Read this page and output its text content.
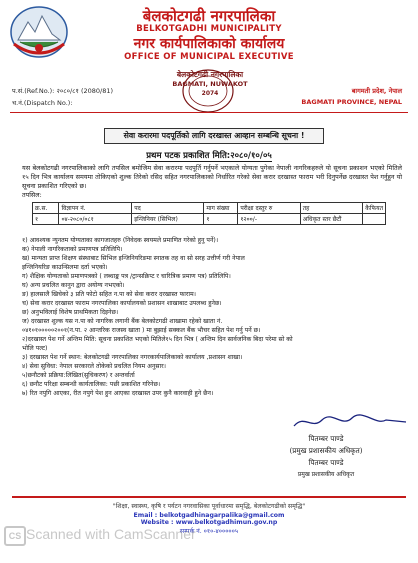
बेलकोटगढी नगरपालिका
BELKOTGADHI MUNICIPALITY
नगर कार्यपालिकाको कार्यालय
OFFICE OF MUNICIPAL EXECUTIVE
बेलकोटगढी नगरपालिका
BAGMATI, NUWAKOT
2074
प.सं.(Ref.No.): २०८०/८१ (2080/81)
च.नं.(Dispatch No.):
बागमती प्रदेश, नेपाल
BAGMATI PROVINCE, NEPAL
सेवा करारमा पदपूर्तिको लागि दरखास्त आव्हान सम्बन्धि सूचना !
प्रथम पटक प्रकाशित मिति:२०८०/१०/०५
यस बेलकोटगढी नगरपालिकाको लागि तपसिल बमोजिम सेवा करारमा पदपूर्ति गर्नुपर्ने भएकाले योग्यता पुगेका नेपाली नागरिकहरुले यो सूचना प्रकाशन भएको मितिले १५ दिन भित्र कार्यालय समयमा तोकिएको शुल्क तिरेको रसिद सहित नगरपालिकाको निर्धारित गरेको सेवा करार दरखास्त फाराम भरी दिनुपर्नेछ दरखास्त पेश गर्नुहुन यो सूचना प्रकाशित गरिएको छ।
तपसिल:
क्र.स.	विज्ञापन नं.	पद	माग संख्या	परीक्षा दस्तुर रु	तह	कैफियत
१	०४-२०८०/०८१	इन्जिनियर (सिभिल)	१	१२००/-	अधिकृत स्तर छैटौं	
१) आवश्यक न्युनतम योग्यताका कागजातहरु (निवेदक स्वयमले प्रमाणित गरेको हुनु पर्ने)।
क) नेपाली नागरिकताको प्रमाणपत्र प्रतिलिपि।
ख) मान्यता प्राप्त शिक्षण संस्थाबाट सिभिल इन्जिनियरिङमा स्नातक तह वा सो सरह उत्तीर्ण गरी नेपाल
इन्जिनियरिङ काउन्सिलमा दर्ता भएको।
ग) शैक्षिक योग्यताको प्रमाणपत्रको ( लब्धाङ्क पत्र /ट्रान्सक्रिप्ट र चारित्रिक प्रमाण पत्र) प्रतिलिपि।
घ) अन्य प्रचलित कानुन द्वारा अयोग्य नभएको।
ङ) हालसालै खिचेको ३ प्रति फोटो सहित न.पा को सेवा करार दरखास्त फाराम।
च) सेवा करार दरखास्त फाराम नगरपालिका कार्यालयको प्रशासन शाखाबाट उपलब्ध हुनेछ।
छ) अनुभविलाई विशेष प्राथमिकता दिइनेछ।
ज) दरखास्त शुल्क यस न.पा को नागरिक लगानी बैंक बेलकोटगढी शाखामा रहेको खाता नं.
०४१०१०००००२००१(न.पा. २ आन्तरिक राजस्व खाता ) मा बुझाई सक्कल बैंक भौचर सहित पेश गर्नु पर्ने छ।
२)दरखास्त पेश गर्ने अन्तिम मिति: सूचना प्रकाशित भएको मितिले१५ दिन भित्र ( अन्तिम दिन सार्वजनिक बिदा परेमा सो को
भोलि पल्ट)
३) दरखास्त पेश गर्ने स्थान: बेलकोटगढी नगरपालिका नगरकार्यपालिकाको कार्यालय ,प्रशासन शाखा।
४) सेवा सुविधा: नेपाल सरकारले तोकेको प्रचलित नियम अनुसार।
५)छनौटको प्रक्रिया:लिखित(सुचिकरण) र अन्तर्वार्ता
६) छनौट परिक्षा सम्बन्धी कार्यतालिका: पछी प्रकाशित गरिनेछ।
७) रित नपुगि आएका, रीत नपुगे पेश हुन आएका दरखास्त उपर कुनै कारवाही हुने छैन।
पितम्बर पाण्डे
(प्रमुख प्रशासकीय अधिकृत)
पितम्बर पाण्डे
प्रमुख प्रशासकीय अधिकृत
"शिक्षा, स्वास्थ्य, कृषि र पर्यटन नगरवासिका पूर्वाधारमा समृद्धि, बेलकोटगढीको समृद्धि"
Email : belkotgadhinagarpalika@gmail.com
Website : www.belkotgadhimun.gov.np
सम्पर्क नं. ०१०-४०००००५
CS Scanned with CamScanner
